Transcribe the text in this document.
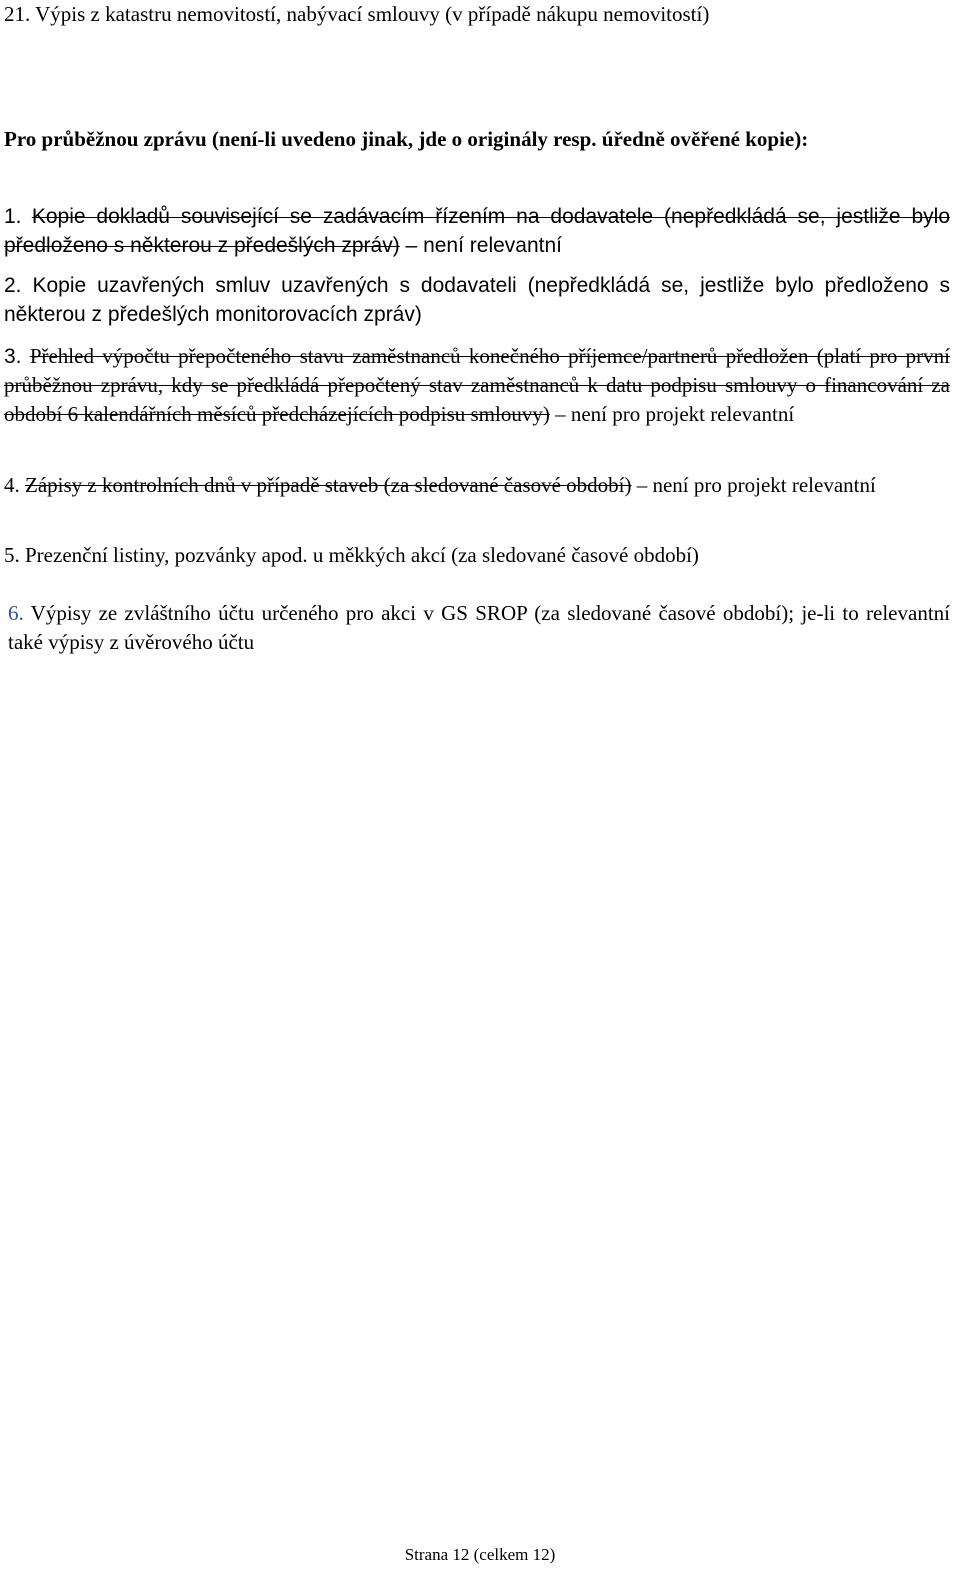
21. Výpis z katastru nemovitostí, nabývací smlouvy (v případě nákupu nemovitostí)
Pro průběžnou zprávu (není-li uvedeno jinak, jde o originály resp. úředně ověřené kopie):
1. Kopie dokladů související se zadávacím řízením na dodavatele (nepředkládá se, jestliže bylo předloženo s některou z předešlých zpráv) – není relevantní
2. Kopie uzavřených smluv uzavřených s dodavateli (nepředkládá se, jestliže bylo předloženo s některou z předešlých monitorovacích zpráv)
3. Přehled výpočtu přepočteného stavu zaměstnanců konečného příjemce/partnerů předložen (platí pro první průběžnou zprávu, kdy se předkládá přepočtený stav zaměstnanců k datu podpisu smlouvy o financování za období 6 kalendářních měsíců předcházejících podpisu smlouvy) – není pro projekt relevantní
4. Zápisy z kontrolních dnů v případě staveb (za sledované časové období) – není pro projekt relevantní
5. Prezenční listiny, pozvánky apod. u měkkých akcí (za sledované časové období)
6. Výpisy ze zvláštního účtu určeného pro akci v GS SROP (za sledované časové období); je-li to relevantní také výpisy z úvěrového účtu
Strana 12 (celkem 12)
